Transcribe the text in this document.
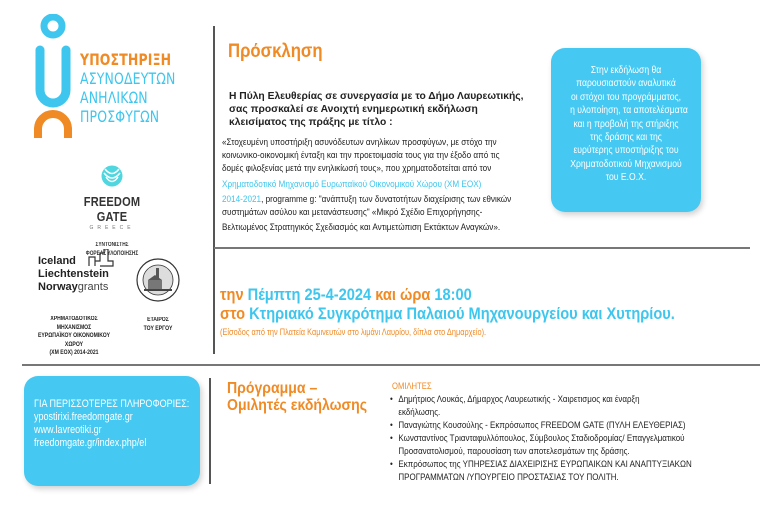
ΥΠΟΣΤΗΡΙΞΗ
ΑΣΥΝΟΔΕΥΤΩΝ
ΑΝΗΛΙΚΩΝ
ΠΡΟΣΦΥΓΩΝ
FREEDOM GATE
GREECE
ΣΥΝΤΟΝΙΣΤΗΣ
ΦΟΡΕΑΣ ΥΛΟΠΟΙΗΣΗΣ
Iceland
Liechtenstein
Norwaygrants
ΧΡΗΜΑΤΟΔΟΤΙΚΟΣ ΜΗΧΑΝΙΣΜΟΣ
ΕΥΡΩΠΑΪΚΟΥ ΟΙΚΟΝΟΜΙΚΟΥ ΧΩΡΟΥ
(ΧΜ ΕΟΧ) 2014-2021
ΕΤΑΙΡΟΣ
ΤΟΥ ΕΡΓΟΥ
Πρόσκληση
Η Πύλη Ελευθερίας σε συνεργασία με το Δήμο Λαυρεωτικής,
σας προσκαλεί σε Ανοιχτή ενημερωτική εκδήλωση
κλεισίματος της πράξης με τίτλο :
«Στοχευμένη υποστήριξη ασυνόδευτων ανηλίκων προσφύγων, με στόχο την
κοινωνικο-οικονομική ένταξη και την προετοιμασία τους για την έξοδο από τις
δομές φιλοξενίας μετά την ενηλικίωσή τους», που χρηματοδοτείται από τον
Χρηματοδοτικό Μηχανισμό Ευρωπαϊκού Οικονομικού Χώρου (ΧΜ ΕΟΧ)
2014-2021, programme g: "ανάπτυξη των δυνατοτήτων διαχείρισης των εθνικών
συστημάτων ασύλου και μετανάστευσης" «Μικρό Σχέδιο Επιχορήγησης-
Βελτιωμένος Στρατηγικός Σχεδιασμός και Αντιμετώπιση Εκτάκτων Αναγκών».
Στην εκδήλωση θα
παρουσιαστούν αναλυτικά
οι στόχοι του προγράμματος,
η υλοποίηση, τα αποτελέσματα
και η προβολή της στήριξης
της δράσης και της
ευρύτερης υποστήριξης του
Χρηματοδοτικού Μηχανισμού
του Ε.Ο.Χ.
την Πέμπτη 25-4-2024 και ώρα 18:00
στο Κτηριακό Συγκρότημα Παλαιού Μηχανουργείου και Χυτηρίου.
(Είσοδος από την Πλατεία Καμινευτών στο λιμάνι Λαυρίου, δίπλα στο Δημαρχείο).
ΓΙΑ ΠΕΡΙΣΣΟΤΕΡΕΣ ΠΛΗΡΟΦΟΡΙΕΣ:
ypostirixi.freedomgate.gr
www.lavreotiki.gr
freedomgate.gr/index.php/el
Πρόγραμμα –
Ομιλητές εκδήλωσης
ΟΜΙΛΗΤΕΣ
• Δημήτριος Λουκάς, Δήμαρχος Λαυρεωτικής - Χαιρετισμος και έναρξη
εκδήλωσης.
• Παναγιώτης Κουσούλης - Εκπρόσωπος FREEDOM GATE (ΠΥΛΗ ΕΛΕΥΘΕΡΙΑΣ)
• Κωνσταντίνος Τριανταφυλλόπουλος, Σύμβουλος Σταδιοδρομίας/ Επαγγελματικού
Προσανατολισμού, παρουσίαση των αποτελεσμάτων της δράσης.
• Εκπρόσωπος της ΥΠΗΡΕΣΙΑΣ ΔΙΑΧΕΙΡΙΣΗΣ ΕΥΡΩΠΑΙΚΩΝ ΚΑΙ ΑΝΑΠΤΥΞΙΑΚΩΝ
ΠΡΟΓΡΑΜΜΑΤΩΝ /ΥΠΟΥΡΓΕΙΟ ΠΡΟΣΤΑΣΙΑΣ ΤΟΥ ΠΟΛΙΤΗ.
